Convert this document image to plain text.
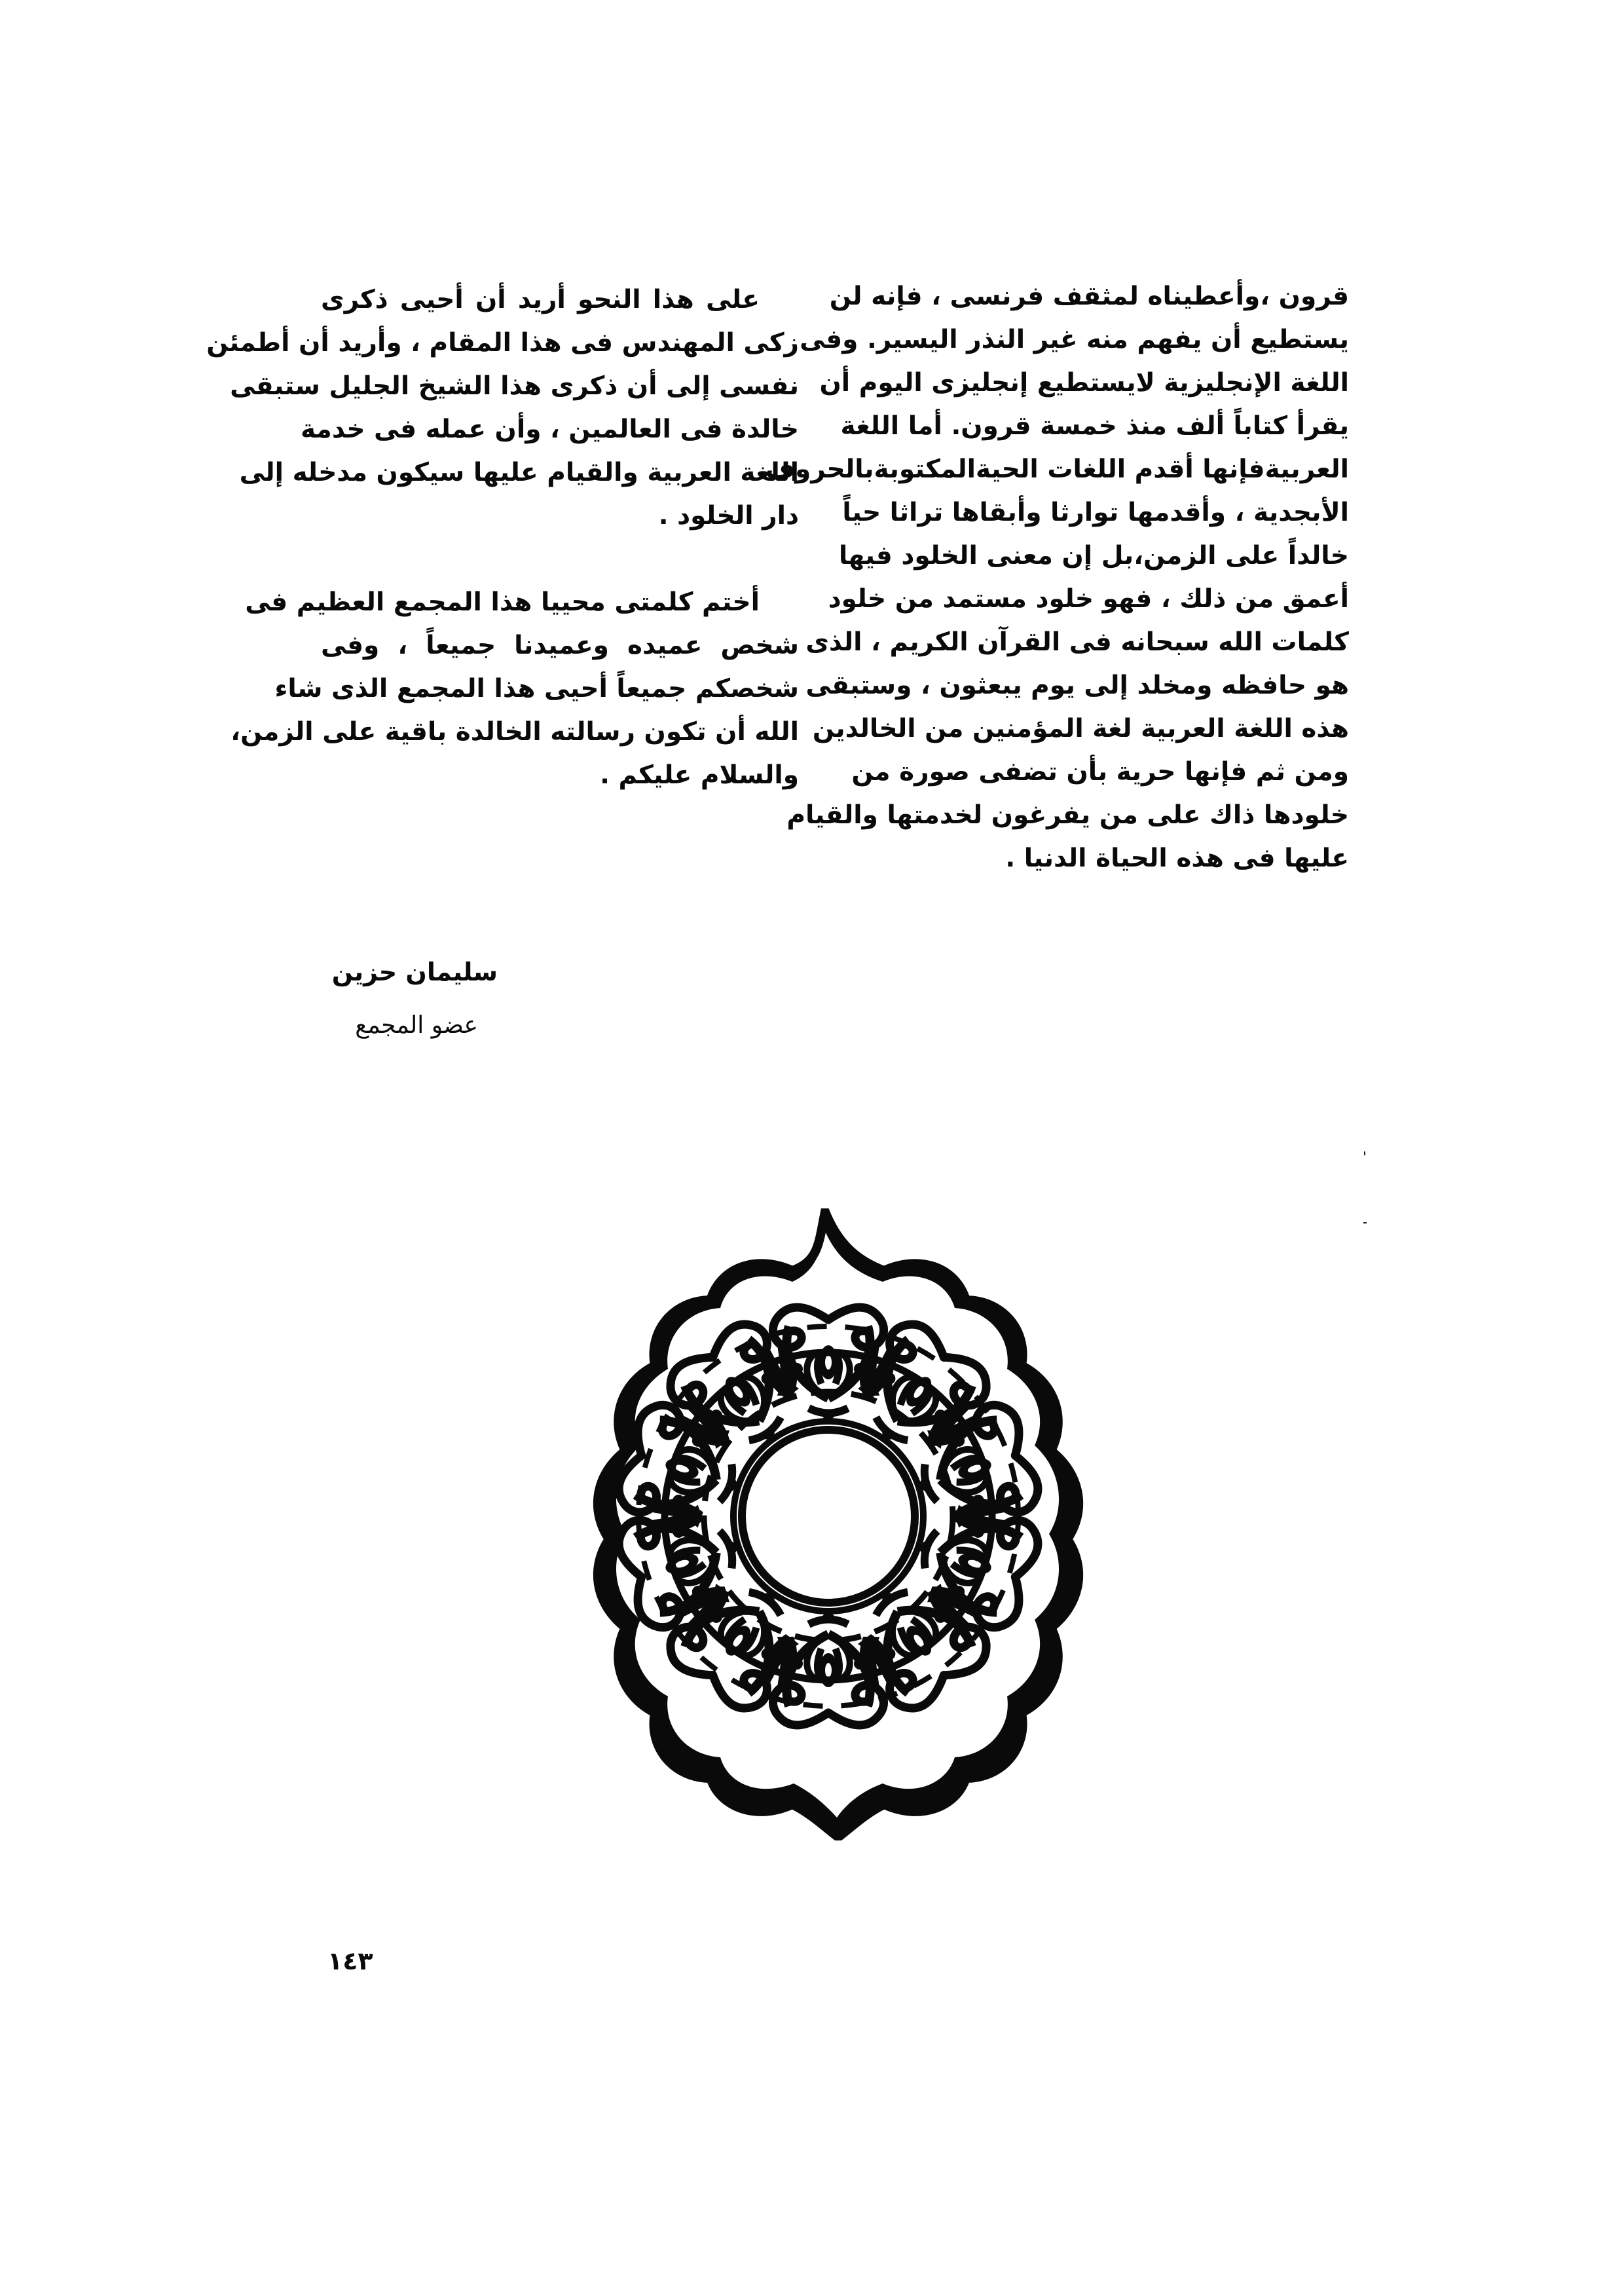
قرون ،وأعطيناه لمثقف فرنسى ، فإنه لن
يستطيع أن يفهم منه غير النذر اليسير. وفى
اللغة الإنجليزية لايستطيع إنجليزى اليوم أن
يقرأ كتاباً ألف منذ خمسة قرون. أما اللغة
العربيةفإنها أقدم اللغات الحيةالمكتوبةبالحروف
الأبجدية ، وأقدمها توارثا وأبقاها تراثا حياً
خالداً على الزمن،بل إن معنى الخلود فيها
أعمق من ذلك ، فهو خلود مستمد من خلود
كلمات الله سبحانه فى القرآن الكريم ، الذى
هو حافظه ومخلد إلى يوم يبعثون ، وستبقى
هذه اللغة العربية لغة المؤمنين من الخالدين
ومن ثم فإنها حرية بأن تضفى صورة من
خلودها ذاك على من يفرغون لخدمتها والقيام
عليها فى هذه الحياة الدنيا .
على هذا النحو أريد أن أحيى ذكرى
زكى المهندس فى هذا المقام ، وأريد أن أطمئن
نفسى إلى أن ذكرى هذا الشيخ الجليل ستبقى
خالدة فى العالمين ، وأن عمله فى خدمة
اللغة العربية والقيام عليها سيكون مدخله إلى
دار الخلود .
أختم كلمتى محييا هذا المجمع العظيم فى
شخص عميده وعميدنا جميعاً ، وفى
شخصكم جميعاً أحيى هذا المجمع الذى شاء
الله أن تكون رسالته الخالدة باقية على الزمن،
والسلام عليكم .
سليمان حزين
عضو المجمع
١٤٣
